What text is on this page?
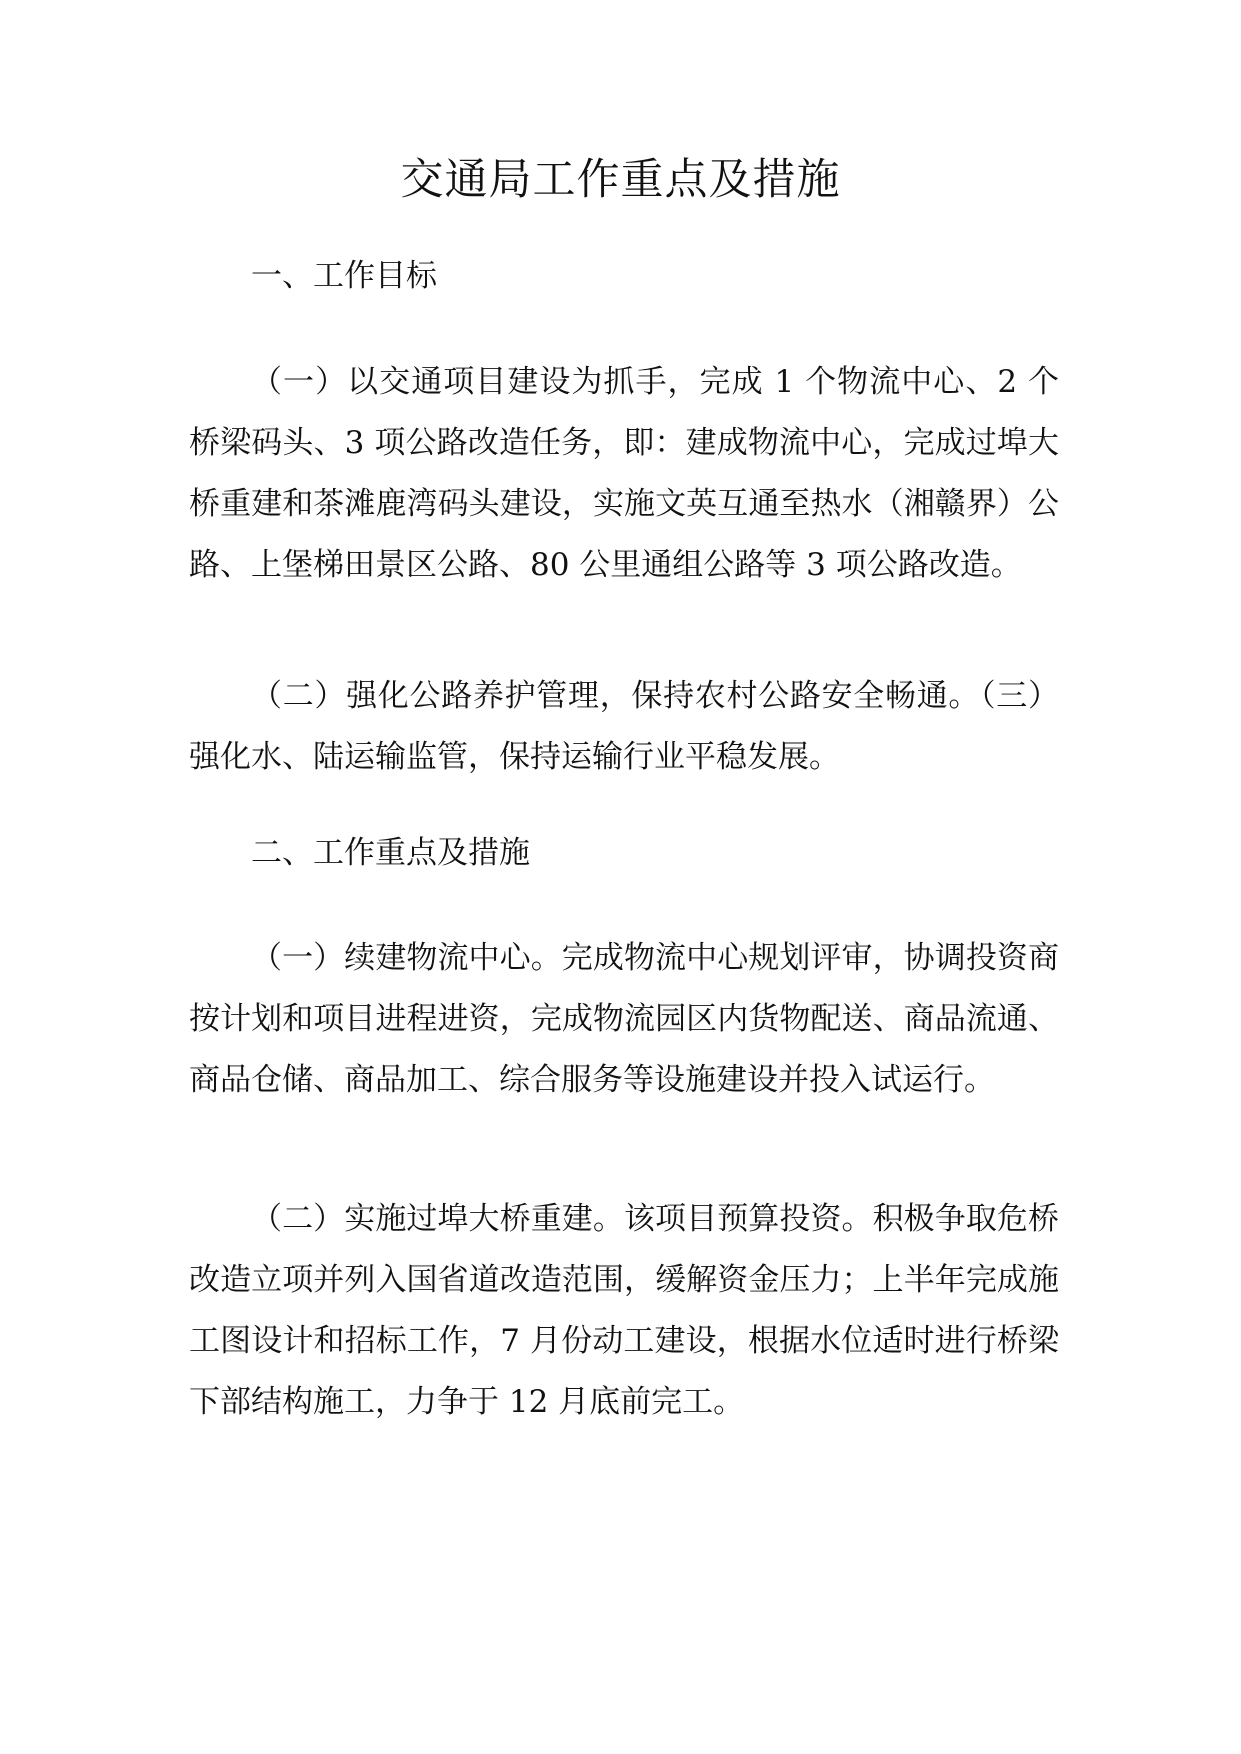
交通局工作重点及措施

一、工作目标

（一）以交通项目建设为抓手，完成 1 个物流中心、2 个桥梁码头、3 项公路改造任务，即：建成物流中心，完成过埠大桥重建和茶滩鹿湾码头建设，实施文英互通至热水（湘赣界）公路、上堡梯田景区公路、80 公里通组公路等 3 项公路改造。

（二）强化公路养护管理，保持农村公路安全畅通。（三）强化水、陆运输监管，保持运输行业平稳发展。

二、工作重点及措施

（一）续建物流中心。完成物流中心规划评审，协调投资商按计划和项目进程进资，完成物流园区内货物配送、商品流通、商品仓储、商品加工、综合服务等设施建设并投入试运行。

（二）实施过埠大桥重建。该项目预算投资。积极争取危桥改造立项并列入国省道改造范围，缓解资金压力；上半年完成施工图设计和招标工作，7 月份动工建设，根据水位适时进行桥梁下部结构施工，力争于 12 月底前完工。
